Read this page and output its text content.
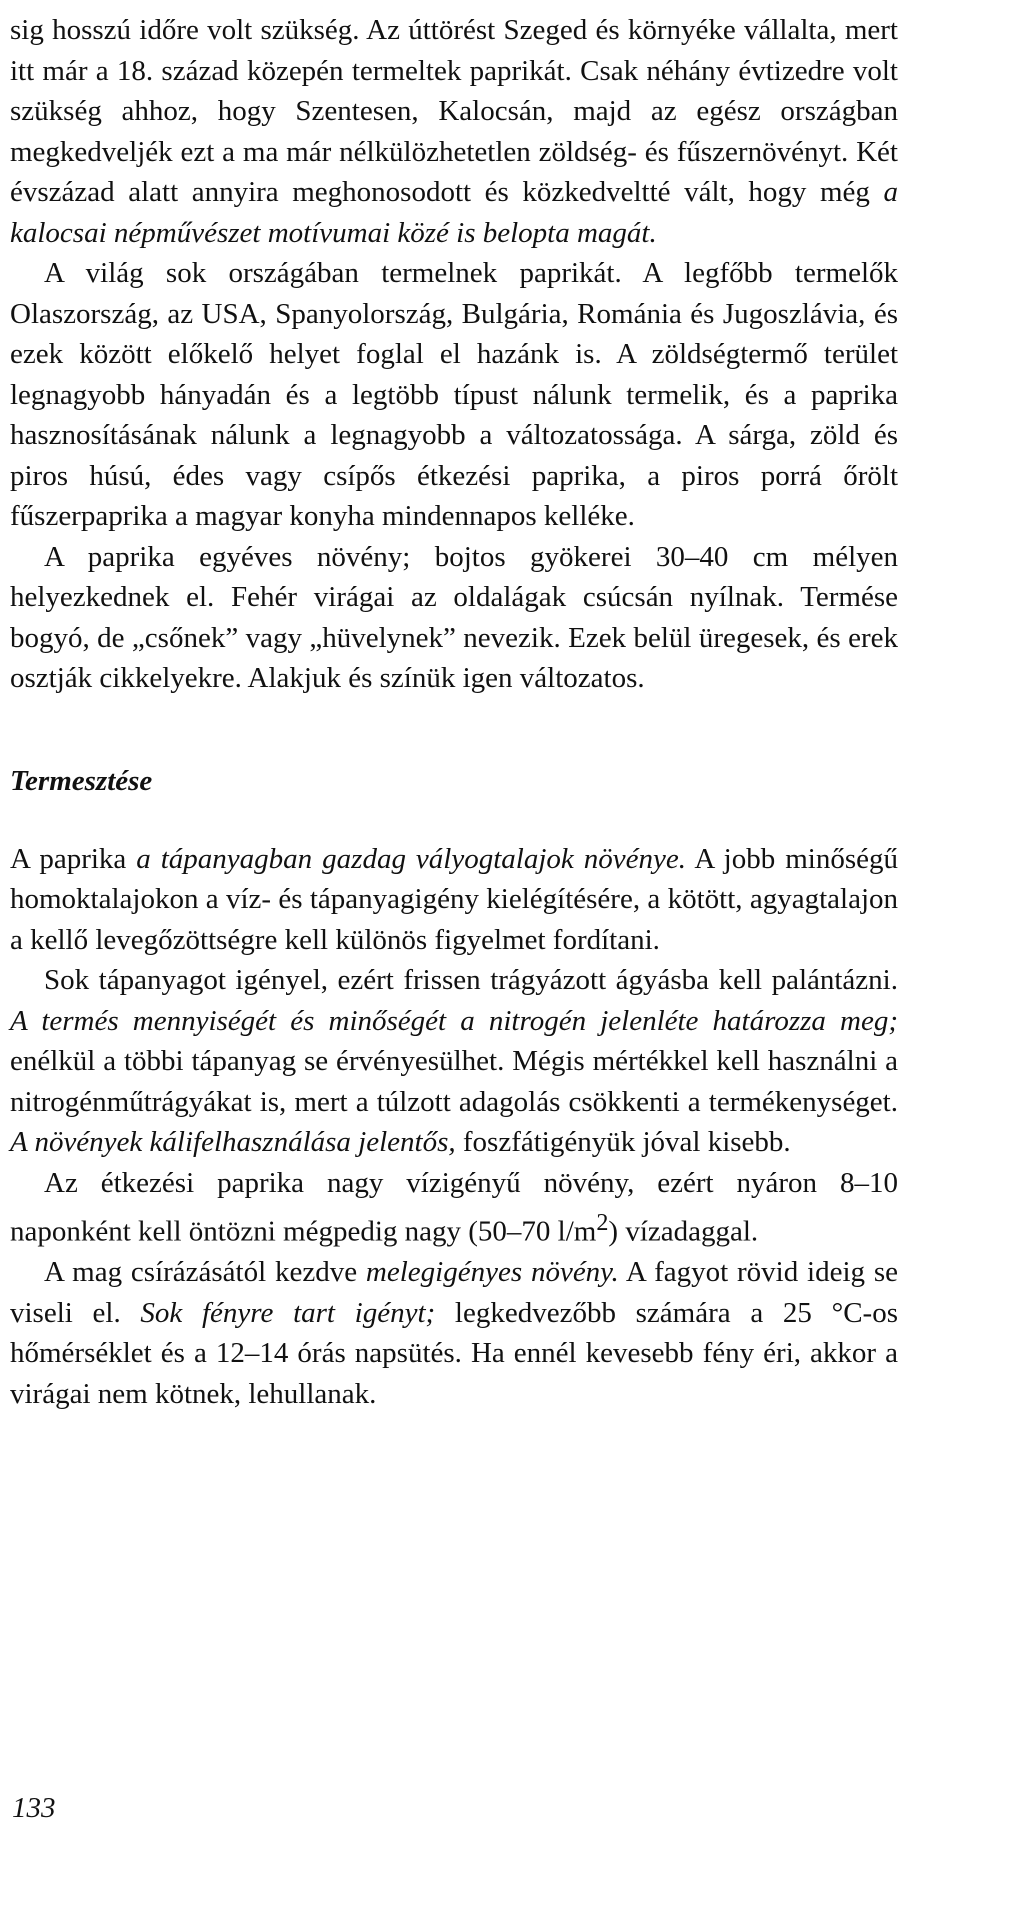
sig hosszú időre volt szükség. Az úttörést Szeged és környéke vállalta, mert itt már a 18. század közepén termeltek paprikát. Csak néhány évtizedre volt szükség ahhoz, hogy Szentesen, Kalocsán, majd az egész országban megkedveljék ezt a ma már nélkülözhetetlen zöldség- és fűszernövényt. Két évszázad alatt annyira meghonosodott és közkedveltté vált, hogy még a kalocsai népművészet motívumai közé is belopta magát.

A világ sok országában termelnek paprikát. A legfőbb termelők Olaszország, az USA, Spanyolország, Bulgária, Románia és Jugoszlávia, és ezek között előkelő helyet foglal el hazánk is. A zöldségtermő terület legnagyobb hányadán és a legtöbb típust nálunk termelik, és a paprika hasznosításának nálunk a legnagyobb a változatossága. A sárga, zöld és piros húsú, édes vagy csípős étkezési paprika, a piros porrá őrölt fűszerpaprika a magyar konyha mindennapos kelléke.

A paprika egyéves növény; bojtos gyökerei 30–40 cm mélyen helyezkednek el. Fehér virágai az oldalágak csúcsán nyílnak. Termése bogyó, de „csőnek” vagy „hüvelynek” nevezik. Ezek belül üregesek, és erek osztják cikkelyekre. Alakjuk és színük igen változatos.

Termesztése

A paprika a tápanyagban gazdag vályogtalajok növénye. A jobb minőségű homoktalajokon a víz- és tápanyagigény kielégítésére, a kötött, agyagtalajon a kellő levegőzöttségre kell különös figyelmet fordítani.

Sok tápanyagot igényel, ezért frissen trágyázott ágyásba kell palántázni. A termés mennyiségét és minőségét a nitrogén jelenléte határozza meg; enélkül a többi tápanyag se érvényesülhet. Mégis mértékkel kell használni a nitrogénműtrágyákat is, mert a túlzott adagolás csökkenti a termékenységet. A növények kálifelhasználása jelentős, foszfátigényük jóval kisebb.

Az étkezési paprika nagy vízigényű növény, ezért nyáron 8–10 naponként kell öntözni mégpedig nagy (50–70 $l/m^2$) vízadaggal.

A mag csírázásától kezdve melegigényes növény. A fagyot rövid ideig se viseli el. Sok fényre tart igényt; legkedvezőbb számára a 25 °C-os hőmérséklet és a 12–14 órás napsütés. Ha ennél kevesebb fény éri, akkor a virágai nem kötnek, lehullanak.

133
